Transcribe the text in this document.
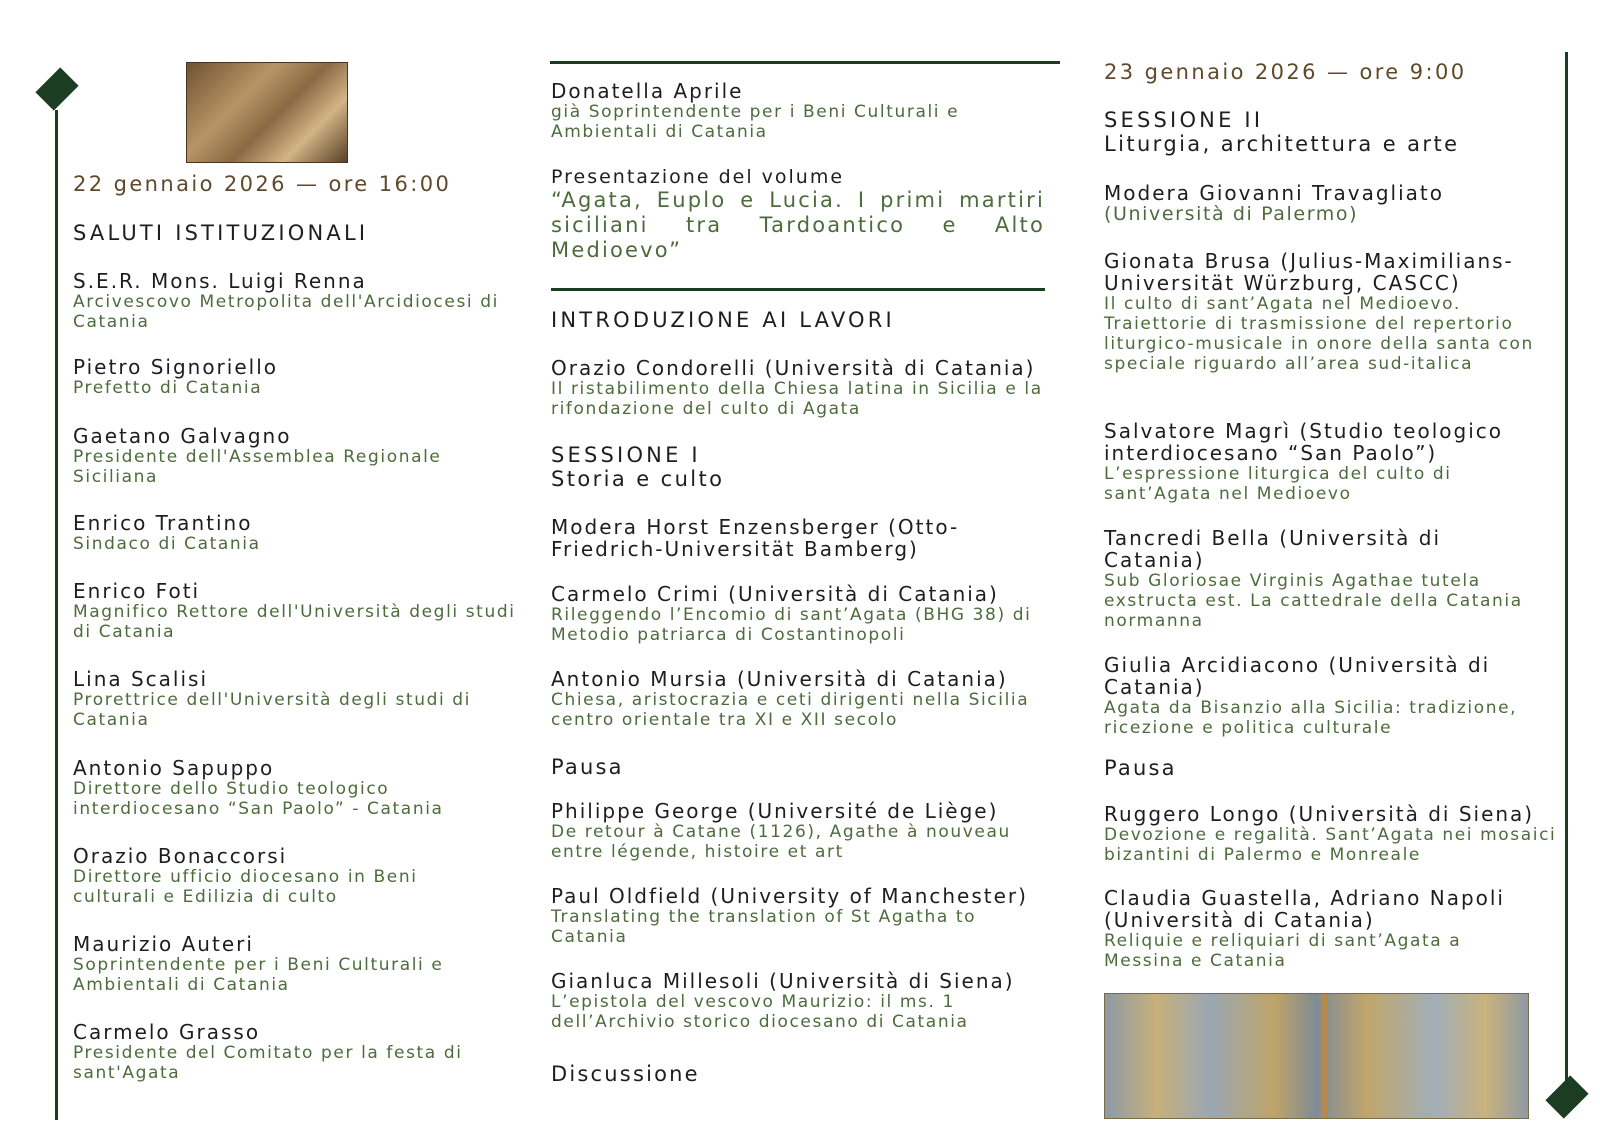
22 gennaio 2026 — ore 16:00
SALUTI ISTITUZIONALI
S.E.R. Mons. Luigi Renna
Arcivescovo Metropolita dell'Arcidiocesi di Catania
Pietro Signoriello
Prefetto di Catania
Gaetano Galvagno
Presidente dell'Assemblea Regionale Siciliana
Enrico Trantino
Sindaco di Catania
Enrico Foti
Magnifico Rettore dell'Università degli studi di Catania
Lina Scalisi
Prorettrice dell'Università degli studi di Catania
Antonio Sapuppo
Direttore dello Studio teologico interdiocesano “San Paolo” - Catania
Orazio Bonaccorsi
Direttore ufficio diocesano in Beni culturali e Edilizia di culto
Maurizio Auteri
Soprintendente per i Beni Culturali e Ambientali di Catania
Carmelo Grasso
Presidente del Comitato per la festa di sant'Agata
Donatella Aprile
già Soprintendente per i Beni Culturali e Ambientali di Catania
Presentazione del volume
“Agata, Euplo e Lucia. I primi martiri siciliani tra Tardoantico e Alto Medioevo”
INTRODUZIONE AI LAVORI
Orazio Condorelli (Università di Catania)
Il ristabilimento della Chiesa latina in Sicilia e la rifondazione del culto di Agata
SESSIONE I
Storia e culto
Modera Horst Enzensberger (Otto-Friedrich-Universität Bamberg)
Carmelo Crimi (Università di Catania)
Rileggendo l’Encomio di sant’Agata (BHG 38) di Metodio patriarca di Costantinopoli
Antonio Mursia (Università di Catania)
Chiesa, aristocrazia e ceti dirigenti nella Sicilia centro orientale tra XI e XII secolo
Pausa
Philippe George (Université de Liège)
De retour à Catane (1126), Agathe à nouveau entre légende, histoire et art
Paul Oldfield (University of Manchester)
Translating the translation of St Agatha to Catania
Gianluca Millesoli (Università di Siena)
L’epistola del vescovo Maurizio: il ms. 1 dell’Archivio storico diocesano di Catania
Discussione
23 gennaio 2026 — ore 9:00
SESSIONE II
Liturgia, architettura e arte
Modera Giovanni Travagliato
(Università di Palermo)
Gionata Brusa (Julius-Maximilians-Universität Würzburg, CASCC)
Il culto di sant’Agata nel Medioevo. Traiettorie di trasmissione del repertorio liturgico-musicale in onore della santa con speciale riguardo all’area sud-italica
Salvatore Magrì (Studio teologico interdiocesano “San Paolo”)
L’espressione liturgica del culto di sant’Agata nel Medioevo
Tancredi Bella (Università di Catania)
Sub Gloriosae Virginis Agathae tutela exstructa est. La cattedrale della Catania normanna
Giulia Arcidiacono (Università di Catania)
Agata da Bisanzio alla Sicilia: tradizione, ricezione e politica culturale
Pausa
Ruggero Longo (Università di Siena)
Devozione e regalità. Sant’Agata nei mosaici bizantini di Palermo e Monreale
Claudia Guastella, Adriano Napoli (Università di Catania)
Reliquie e reliquiari di sant’Agata a Messina e Catania
